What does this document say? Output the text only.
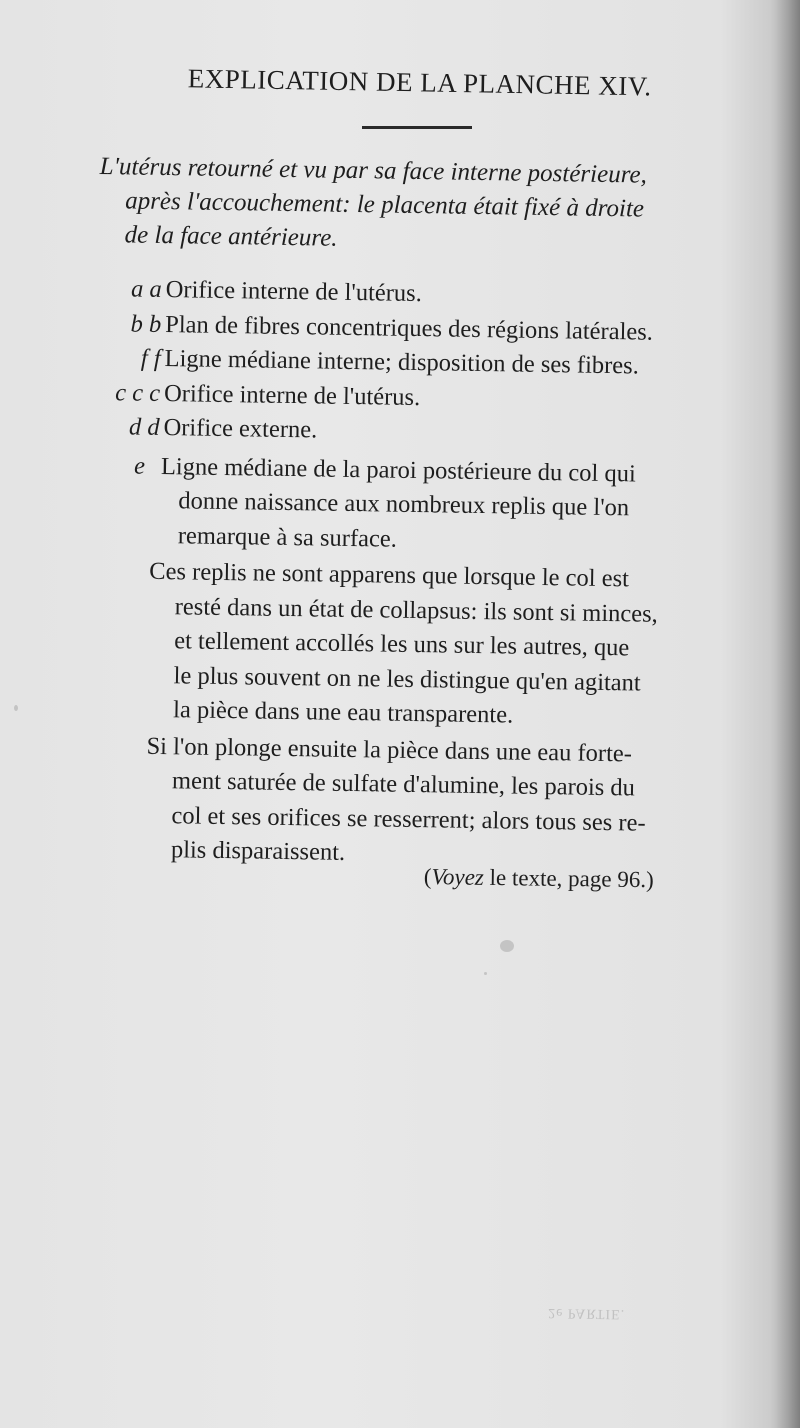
EXPLICATION DE LA PLANCHE XIV.

L'utérus retourné et vu par sa face interne postérieure,

après l'accouchement: le placenta était fixé à droite

de la face antérieure.

a a Orifice interne de l'utérus.
b b Plan de fibres concentriques des régions latérales.
f f Ligne médiane interne; disposition de ses fibres.
c c c Orifice interne de l'utérus.
d d Orifice externe.
e Ligne médiane de la paroi postérieure du col qui
donne naissance aux nombreux replis que l'on
remarque à sa surface.
Ces replis ne sont apparens que lorsque le col est
resté dans un état de collapsus: ils sont si minces,
et tellement accollés les uns sur les autres, que
le plus souvent on ne les distingue qu'en agitant
la pièce dans une eau transparente.
Si l'on plonge ensuite la pièce dans une eau forte-
ment saturée de sulfate d'alumine, les parois du
col et ses orifices se resserrent; alors tous ses re-
plis disparaissent.
(Voyez le texte, page 96.)
2e PARTIE.
